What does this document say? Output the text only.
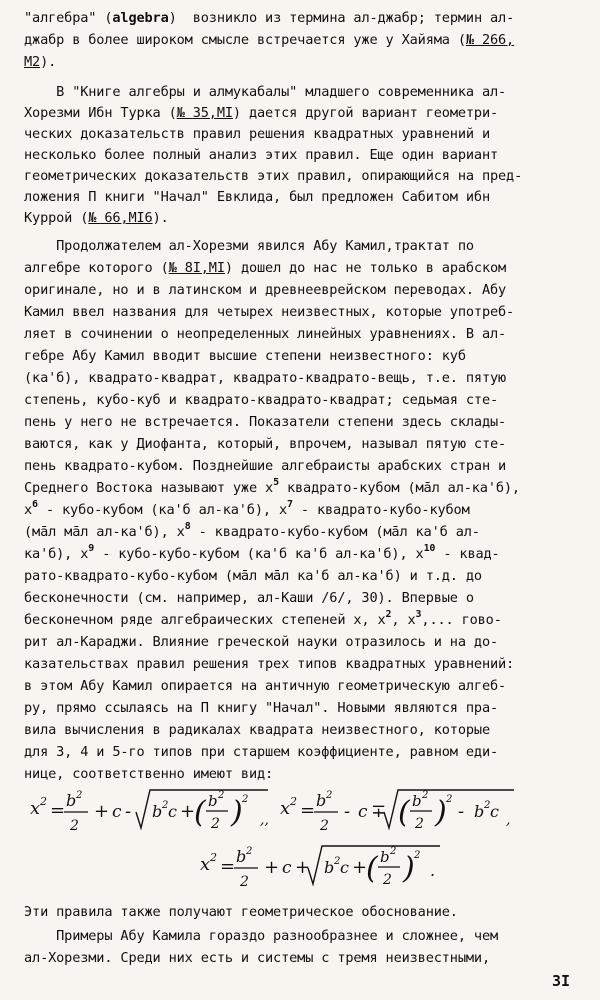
"алгебра" (algebra)  возникло из термина ал-джабр; термин ал-
джабр в более широком смысле встречается уже у Хайяма (№ 266,
М2).
В "Книге алгебры и алмукабалы" младшего современника ал-
Хорезми Ибн Турка (№ 35,МI) дается другой вариант геометри-
ческих доказательств правил решения квадратных уравнений и
несколько более полный анализ этих правил. Еще один вариант
геометрических доказательств этих правил, опирающийся на пред-
ложения П книги "Начал" Евклида, был предложен Сабитом ибн
Куррой (№ 66,МI6).
Продолжателем ал-Хорезми явился Абу Камил,трактат по
алгебре которого (№ 8I,МI) дошел до нас не только в арабском
оригинале, но и в латинском и древнееврейском переводах. Абу
Камил ввел названия для четырех неизвестных, которые употреб-
ляет в сочинении о неопределенных линейных уравнениях. В ал-
гебре Абу Камил вводит высшие степени неизвестного: куб
(ка'б), квадрато-квадрат, квадрато-квадрато-вещь, т.е. пятую
степень, кубо-куб и квадрато-квадрато-квадрат; седьмая сте-
пень у него не встречается. Показатели степени здесь склады-
ваются, как у Диофанта, который, впрочем, называл пятую сте-
пень квадрато-кубом. Позднейшие алгебраисты арабских стран и
Среднего Востока называют уже $x^5$ квадрато-кубом (мāл ал-ка'б),
$x^6$ - кубо-кубом (ка'б ал-ка'б), $x^7$ - квадрато-кубо-кубом
(мāл мāл ал-ка'б), $x^8$ - квадрато-кубо-кубом (мāл ка'б ал-
ка'б), $x^9$ - кубо-кубо-кубом (ка'б ка'б ал-ка'б), $x^{10}$ - квад-
рато-квадрато-кубо-кубом (мāл мāл ка'б ал-ка'б) и т.д. до
бесконечности (см. например, ал-Каши /6/, 30). Впервые о
бесконечном ряде алгебраических степеней x, $x^2$, $x^3$,... гово-
рит ал-Караджи. Влияние греческой науки отразилось и на до-
казательствах правил решения трех типов квадратных уравнений:
в этом Абу Камил опирается на античную геометрическую алгеб-
ру, прямо ссылаясь на П книгу "Начал". Новыми являются пра-
вила вычисления в радикалах квадрата неизвестного, которые
для 3, 4 и 5-го типов при старшем коэффициенте, равном еди-
нице, соответственно имеют вид:
x 2 = b 2
2
+ c - b 2 c +
( b 2
2 ) 2
,,
x 2 = b 2
2
- c ∓ ( b 2
2 ) 2
- b 2 c ,
x 2 = b 2
2
+ c + b 2 c +
( b 2
2 ) 2
.
Эти правила также получают геометрическое обоснование.
Примеры Абу Камила гораздо разнообразнее и сложнее, чем
ал-Хорезми. Среди них есть и системы с тремя неизвестными,
3I
